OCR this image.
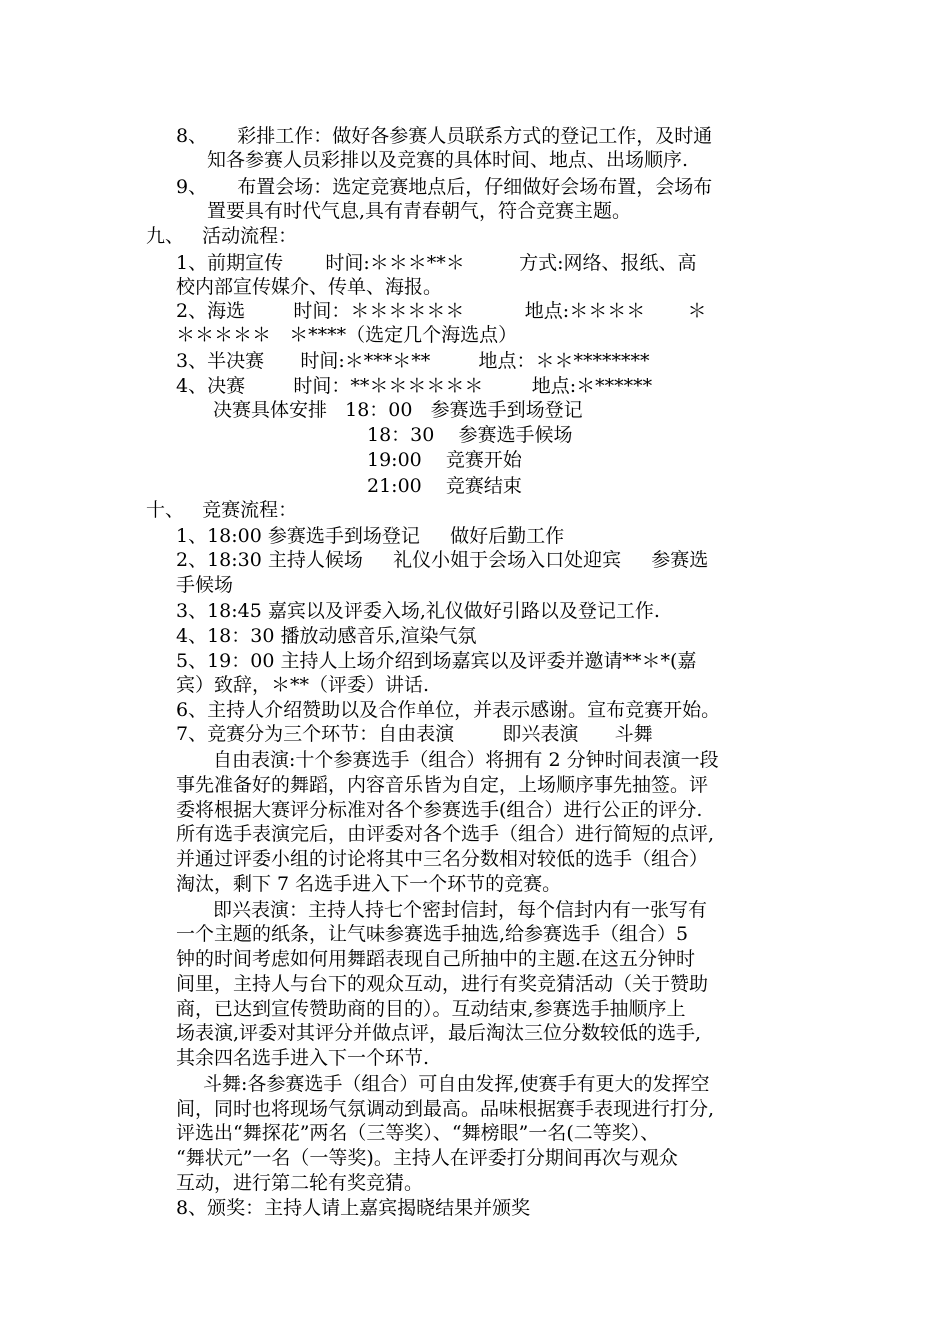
8、     彩排工作：做好各参赛人员联系方式的登记工作，及时通
知各参赛人员彩排以及竞赛的具体时间、地点、出场顺序.
9、     布置会场：选定竞赛地点后，仔细做好会场布置，会场布
置要具有时代气息,具有青春朝气，符合竞赛主题。
九、   活动流程：
1、前期宣传       时间:＊＊＊**＊         方式:网络、报纸、高
校内部宣传媒介、传单、海报。
2、海选        时间：＊＊＊＊＊＊          地点:＊＊＊＊       ＊
＊＊＊＊＊   ＊****（选定几个海选点）
3、半决赛      时间:＊***＊**        地点：＊＊********
4、决赛        时间：**＊＊＊＊＊＊        地点:＊******
决赛具体安排   18：00   参赛选手到场登记
18：30    参赛选手候场
19:00    竞赛开始
21:00    竞赛结束
十、   竞赛流程：
1、18:00 参赛选手到场登记     做好后勤工作
2、18:30 主持人候场     礼仪小姐于会场入口处迎宾     参赛选
手候场
3、18:45 嘉宾以及评委入场,礼仪做好引路以及登记工作.
4、18：30 播放动感音乐,渲染气氛
5、19：00 主持人上场介绍到场嘉宾以及评委并邀请**＊*(嘉
宾）致辞，＊**（评委）讲话.
6、主持人介绍赞助以及合作单位，并表示感谢。宣布竞赛开始。
7、竞赛分为三个环节：自由表演        即兴表演      斗舞
自由表演:十个参赛选手（组合）将拥有 2 分钟时间表演一段
事先准备好的舞蹈，内容音乐皆为自定，上场顺序事先抽签。评
委将根据大赛评分标准对各个参赛选手(组合）进行公正的评分.
所有选手表演完后，由评委对各个选手（组合）进行简短的点评,
并通过评委小组的讨论将其中三名分数相对较低的选手（组合）
淘汰，剩下 7 名选手进入下一个环节的竞赛。
即兴表演：主持人持七个密封信封，每个信封内有一张写有
一个主题的纸条，让气味参赛选手抽选,给参赛选手（组合）5
钟的时间考虑如何用舞蹈表现自己所抽中的主题.在这五分钟时
间里，主持人与台下的观众互动，进行有奖竞猜活动（关于赞助
商，已达到宣传赞助商的目的）。互动结束,参赛选手抽顺序上
场表演,评委对其评分并做点评，最后淘汰三位分数较低的选手,
其余四名选手进入下一个环节.
斗舞:各参赛选手（组合）可自由发挥,使赛手有更大的发挥空
间，同时也将现场气氛调动到最高。品味根据赛手表现进行打分,
评选出“舞探花”两名（三等奖）、“舞榜眼”一名(二等奖）、
“舞状元”一名（一等奖)。主持人在评委打分期间再次与观众
互动，进行第二轮有奖竞猜。
8、颁奖：主持人请上嘉宾揭晓结果并颁奖
